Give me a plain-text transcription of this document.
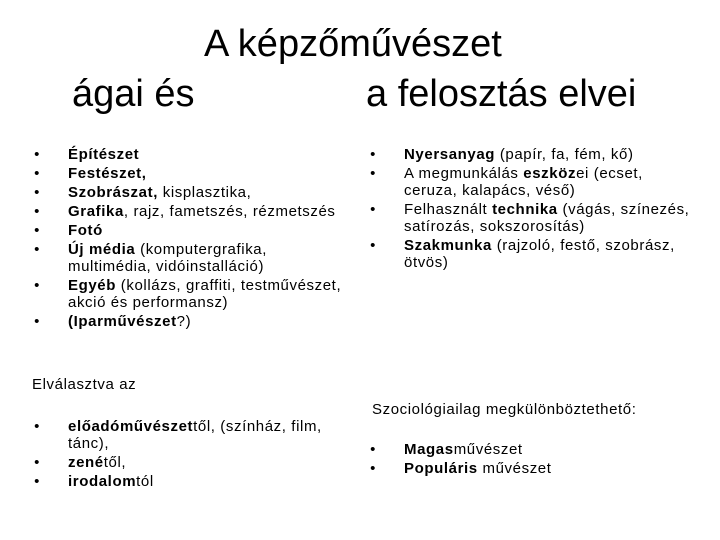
A képzőművészet
ágai és	a felosztás elvei
• Építészet
• Festészet,
• Szobrászat, kisplasztika,
• Grafika, rajz, fametszés, rézmetszés
• Fotó
• Új média (komputergrafika, multimédia, vidóinstalláció)
• Egyéb (kollázs, graffiti, testművészet, akció és performansz)
• (Iparművészet?)
• Nyersanyag (papír, fa, fém, kő)
• A megmunkálás eszközei (ecset, ceruza, kalapács, véső)
• Felhasznált technika (vágás, színezés, satírozás, sokszorosítás)
• Szakmunka (rajzoló, festő, szobrász, ötvös)
Elválasztva az
• előadóművészettől, (színház, film, tánc),
• zenétől,
• irodalomtól
Szociológiailag megkülönböztethető:
• Magasművészet
• Populáris művészet
